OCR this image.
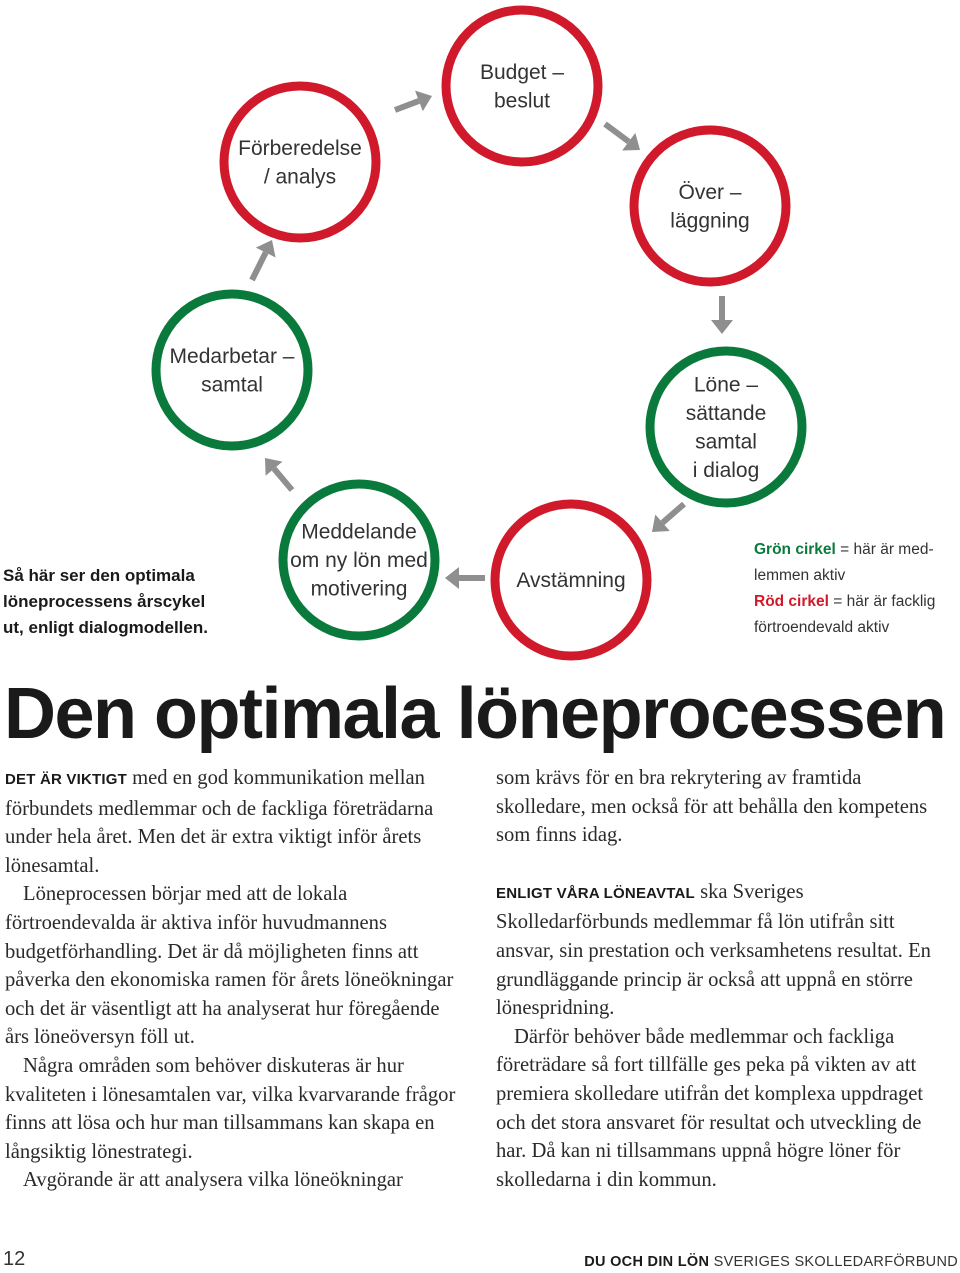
Budget –
beslut
Över –
läggning
Löne –
sättande
samtal
i dialog
Avstämning
Meddelande
om ny lön med
motivering
Medarbetar –
samtal
Förberedelse
/ analys
Så här ser den optimala
löneprocessens årscykel
ut, enligt dialogmodellen.
Grön cirkel = här är med-
lemmen aktiv
Röd cirkel = här är facklig
förtroendevald aktiv
Den optimala löneprocessen

DET ÄR VIKTIGT med en god kommunikation mellan förbundets medlemmar och de fackliga företrädarna under hela året. Men det är extra viktigt inför årets lönesamtal.

Löneprocessen börjar med att de lokala förtroendevalda är aktiva inför huvudmannens budgetförhandling. Det är då möjligheten finns att påverka den ekonomiska ramen för årets löneökningar och det är väsentligt att ha analyserat hur föregående års löneöversyn föll ut.

Några områden som behöver diskuteras är hur kvaliteten i lönesamtalen var, vilka kvarvarande frågor finns att lösa och hur man tillsammans kan skapa en långsiktig lönestrategi.

Avgörande är att analysera vilka löneökningar

som krävs för en bra rekrytering av framtida skolledare, men också för att behålla den kompetens som finns idag.

ENLIGT VÅRA LÖNEAVTAL ska Sveriges Skolledarförbunds medlemmar få lön utifrån sitt ansvar, sin prestation och verksamhetens resultat. En grundläggande princip är också att uppnå en större lönespridning.

Därför behöver både medlemmar och fackliga företrädare så fort tillfälle ges peka på vikten av att premiera skolledare utifrån det komplexa uppdraget och det stora ansvaret för resultat och utveckling de har. Då kan ni tillsammans uppnå högre löner för skolledarna i din kommun.

12	DU OCH DIN LÖN SVERIGES SKOLLEDARFÖRBUND
